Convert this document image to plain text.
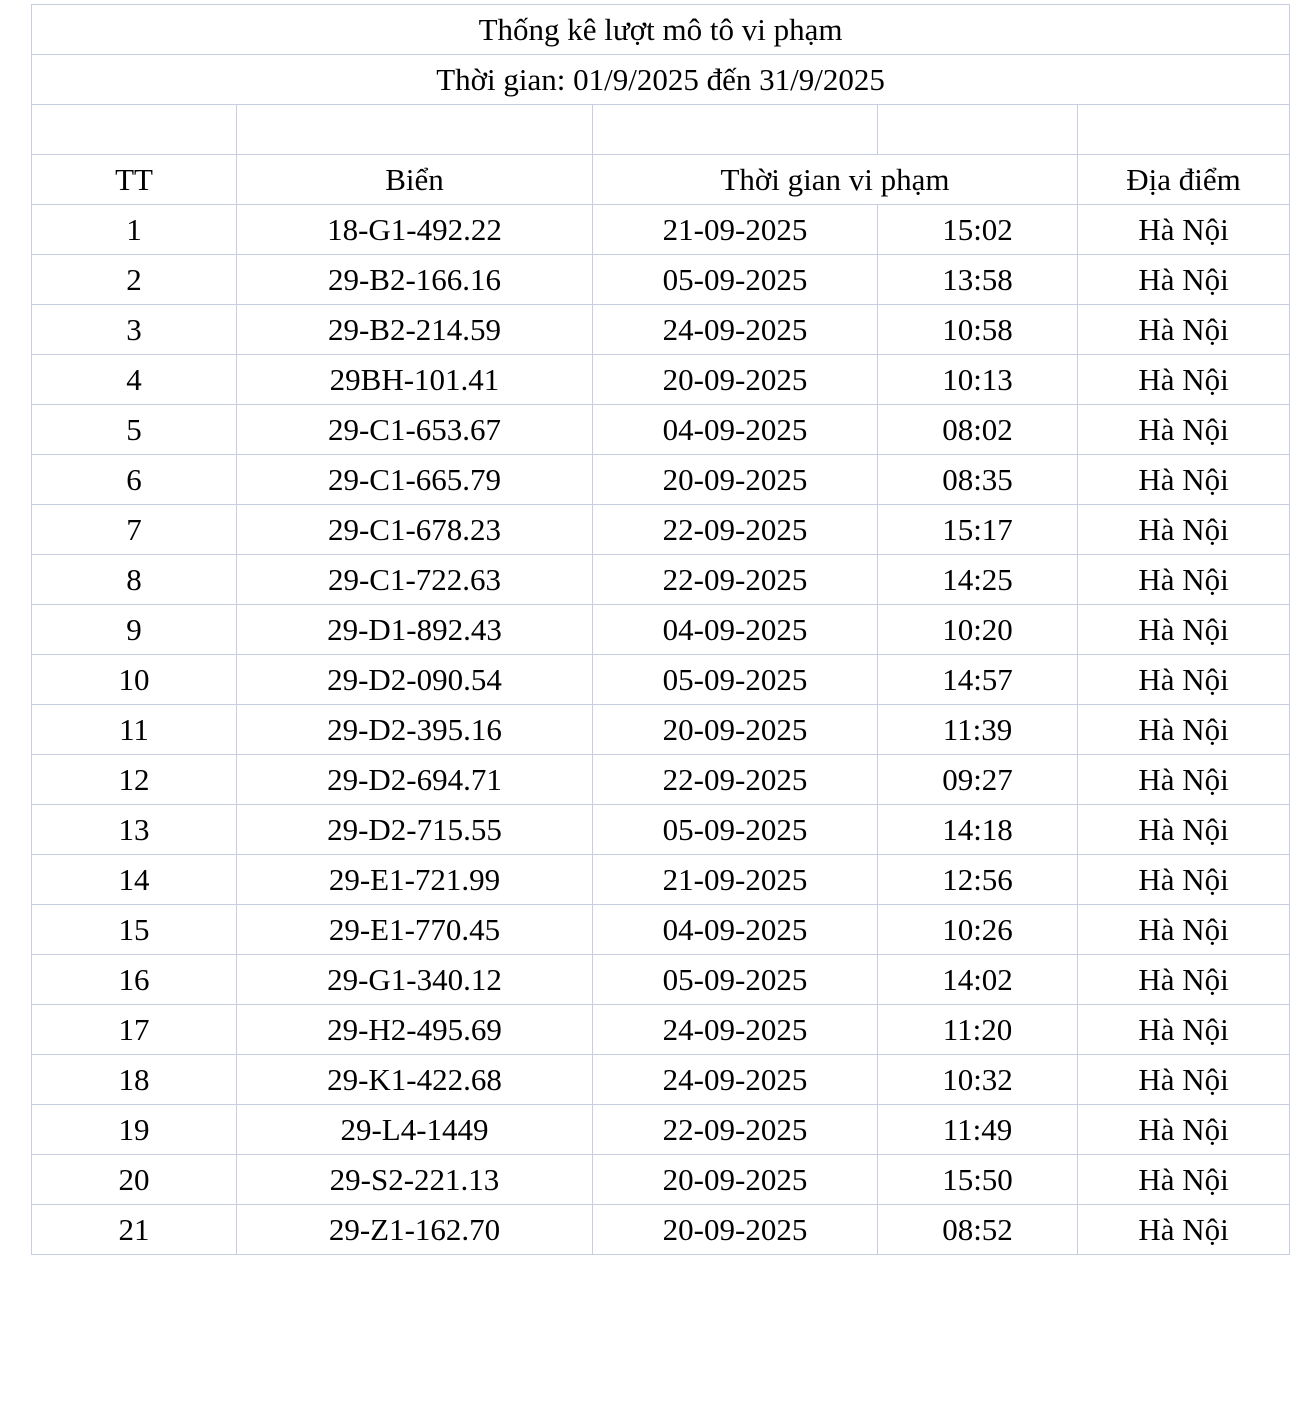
Thống kê lượt mô tô vi phạm				
Thời gian: 01/9/2025 đến 31/9/2025				

TT	Biển	Thời gian vi phạm		Địa điểm
1	18-G1-492.22	21-09-2025	15:02	Hà Nội
2	29-B2-166.16	05-09-2025	13:58	Hà Nội
3	29-B2-214.59	24-09-2025	10:58	Hà Nội
4	29BH-101.41	20-09-2025	10:13	Hà Nội
5	29-C1-653.67	04-09-2025	08:02	Hà Nội
6	29-C1-665.79	20-09-2025	08:35	Hà Nội
7	29-C1-678.23	22-09-2025	15:17	Hà Nội
8	29-C1-722.63	22-09-2025	14:25	Hà Nội
9	29-D1-892.43	04-09-2025	10:20	Hà Nội
10	29-D2-090.54	05-09-2025	14:57	Hà Nội
11	29-D2-395.16	20-09-2025	11:39	Hà Nội
12	29-D2-694.71	22-09-2025	09:27	Hà Nội
13	29-D2-715.55	05-09-2025	14:18	Hà Nội
14	29-E1-721.99	21-09-2025	12:56	Hà Nội
15	29-E1-770.45	04-09-2025	10:26	Hà Nội
16	29-G1-340.12	05-09-2025	14:02	Hà Nội
17	29-H2-495.69	24-09-2025	11:20	Hà Nội
18	29-K1-422.68	24-09-2025	10:32	Hà Nội
19	29-L4-1449	22-09-2025	11:49	Hà Nội
20	29-S2-221.13	20-09-2025	15:50	Hà Nội
21	29-Z1-162.70	20-09-2025	08:52	Hà Nội
